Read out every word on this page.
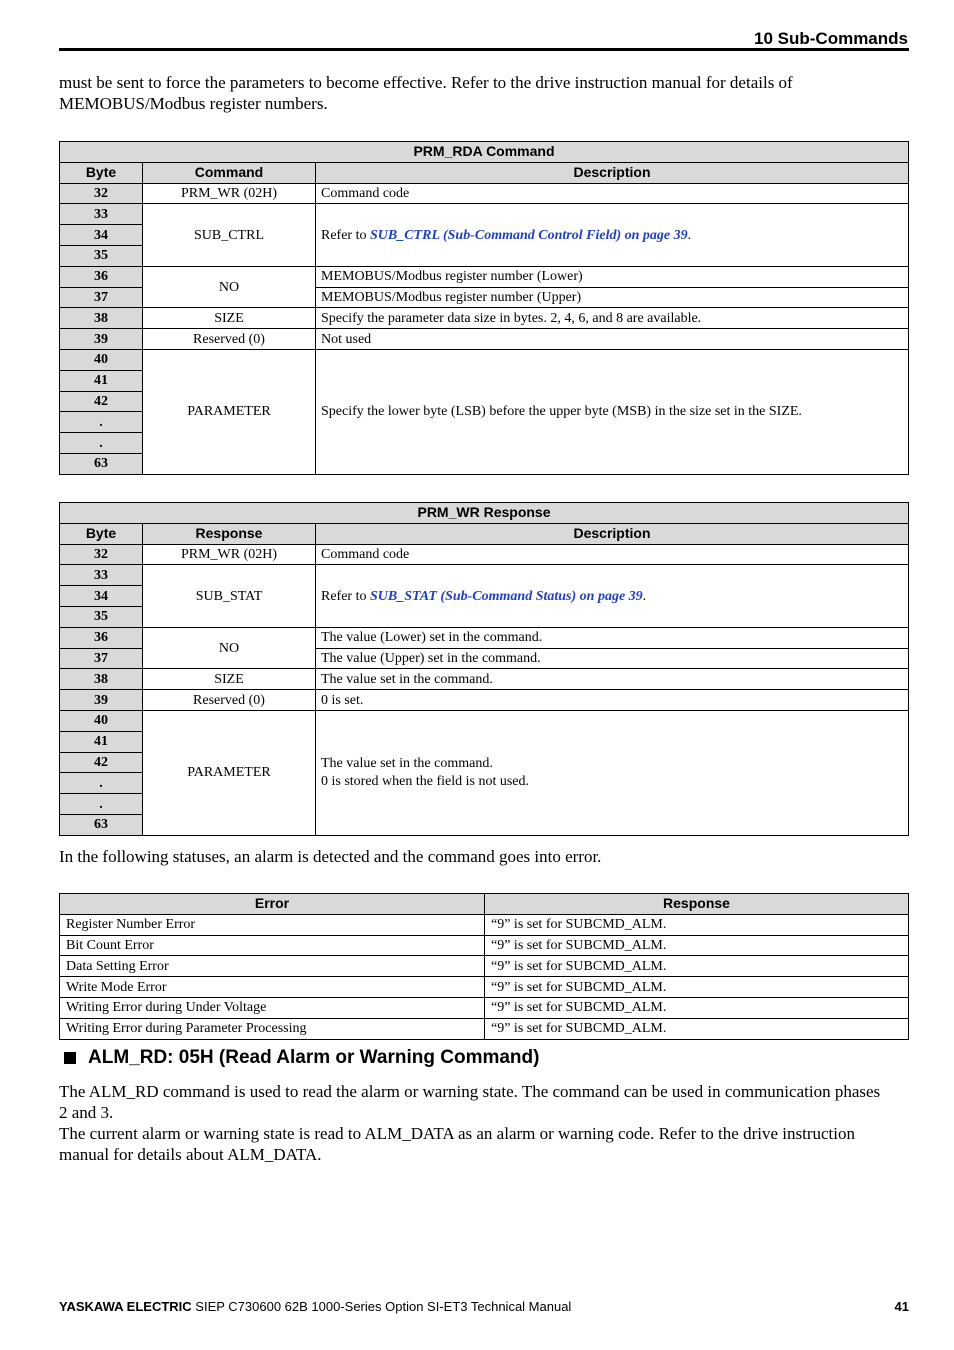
10 Sub-Commands
must be sent to force the parameters to become effective. Refer to the drive instruction manual for details of
MEMOBUS/Modbus register numbers.
PRM_RDA Command		
Byte	Command	Description
32	PRM_WR (02H)	Command code
33	SUB_CTRL	Refer to SUB_CTRL (Sub-Command Control Field) on page 39.
34		
35		
36	NO	MEMOBUS/Modbus register number (Lower)
37		MEMOBUS/Modbus register number (Upper)
38	SIZE	Specify the parameter data size in bytes. 2, 4, 6, and 8 are available.
39	Reserved (0)	Not used
40	PARAMETER	Specify the lower byte (LSB) before the upper byte (MSB) in the size set in the SIZE.
41		
42		
.		
.		
63		
PRM_WR Response		
Byte	Response	Description
32	PRM_WR (02H)	Command code
33	SUB_STAT	Refer to SUB_STAT (Sub-Command Status) on page 39.
34		
35		
36	NO	The value (Lower) set in the command.
37		The value (Upper) set in the command.
38	SIZE	The value set in the command.
39	Reserved (0)	0 is set.
40	PARAMETER	The value set in the command.
0 is stored when the field is not used.

41		
42		
.		
.		
63		
In the following statuses, an alarm is detected and the command goes into error.
Error	Response
Register Number Error	“9” is set for SUBCMD_ALM.
Bit Count Error	“9” is set for SUBCMD_ALM.
Data Setting Error	“9” is set for SUBCMD_ALM.
Write Mode Error	“9” is set for SUBCMD_ALM.
Writing Error during Under Voltage	“9” is set for SUBCMD_ALM.
Writing Error during Parameter Processing	“9” is set for SUBCMD_ALM.
ALM_RD: 05H (Read Alarm or Warning Command)
The ALM_RD command is used to read the alarm or warning state. The command can be used in communication phases
2 and 3.
The current alarm or warning state is read to ALM_DATA as an alarm or warning code. Refer to the drive instruction
manual for details about ALM_DATA.
YASKAWA ELECTRIC SIEP C730600 62B 1000-Series Option SI-ET3 Technical Manual	41
